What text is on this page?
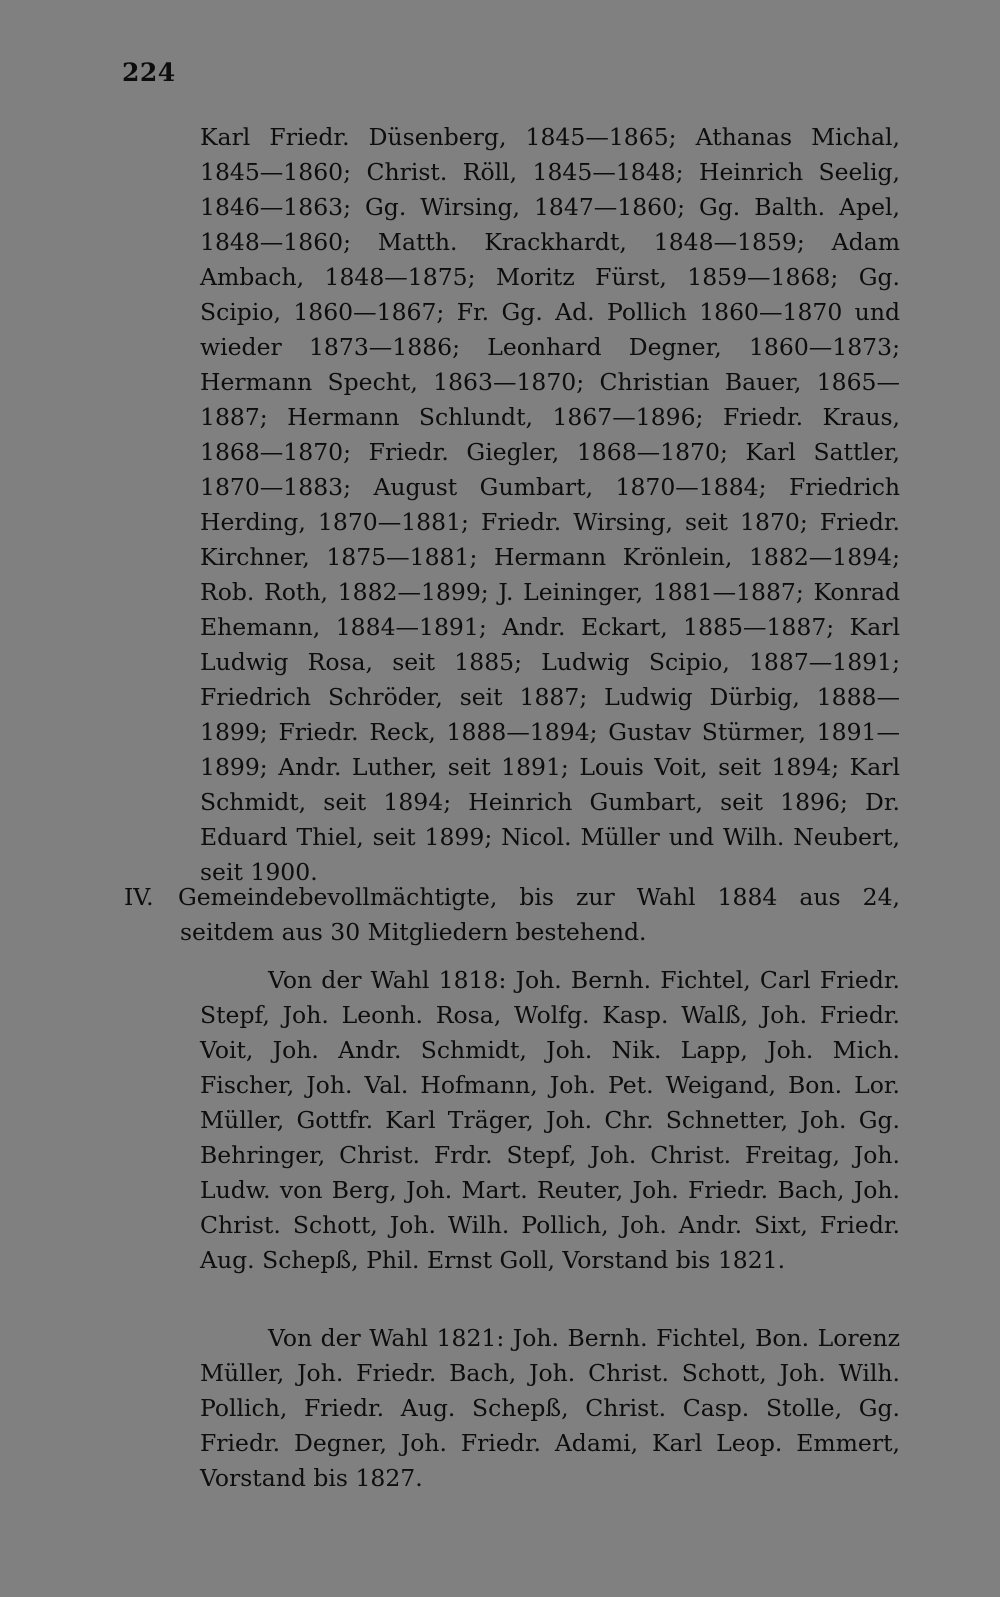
224

Karl Friedr. Düsenberg, 1845—1865; Athanas Michal, 1845—1860; Christ. Röll, 1845—1848; Heinrich Seelig, 1846—1863; Gg. Wirsing, 1847—1860; Gg. Balth. Apel, 1848—1860; Matth. Krackhardt, 1848—1859; Adam Ambach, 1848—1875; Moritz Fürst, 1859—1868; Gg. Scipio, 1860—1867; Fr. Gg. Ad. Pollich 1860—1870 und wieder 1873—1886; Leonhard Degner, 1860—1873; Hermann Specht, 1863—1870; Christian Bauer, 1865—1887; Hermann Schlundt, 1867—1896; Friedr. Kraus, 1868—1870; Friedr. Giegler, 1868—1870; Karl Sattler, 1870—1883; August Gumbart, 1870—1884; Friedrich Herding, 1870—1881; Friedr. Wirsing, seit 1870; Friedr. Kirchner, 1875—1881; Hermann Krönlein, 1882—1894; Rob. Roth, 1882—1899; J. Leininger, 1881—1887; Konrad Ehemann, 1884—1891; Andr. Eckart, 1885—1887; Karl Ludwig Rosa, seit 1885; Ludwig Scipio, 1887—1891; Friedrich Schröder, seit 1887; Ludwig Dürbig, 1888—1899; Friedr. Reck, 1888—1894; Gustav Stürmer, 1891—1899; Andr. Luther, seit 1891; Louis Voit, seit 1894; Karl Schmidt, seit 1894; Heinrich Gumbart, seit 1896; Dr. Eduard Thiel, seit 1899; Nicol. Müller und Wilh. Neubert, seit 1900.

IV. Gemeindebevollmächtigte, bis zur Wahl 1884 aus 24, seitdem aus 30 Mitgliedern bestehend.

Von der Wahl 1818: Joh. Bernh. Fichtel, Carl Friedr. Stepf, Joh. Leonh. Rosa, Wolfg. Kasp. Walß, Joh. Friedr. Voit, Joh. Andr. Schmidt, Joh. Nik. Lapp, Joh. Mich. Fischer, Joh. Val. Hofmann, Joh. Pet. Weigand, Bon. Lor. Müller, Gottfr. Karl Träger, Joh. Chr. Schnetter, Joh. Gg. Behringer, Christ. Frdr. Stepf, Joh. Christ. Freitag, Joh. Ludw. von Berg, Joh. Mart. Reuter, Joh. Friedr. Bach, Joh. Christ. Schott, Joh. Wilh. Pollich, Joh. Andr. Sixt, Friedr. Aug. Schepß, Phil. Ernst Goll, Vorstand bis 1821.

Von der Wahl 1821: Joh. Bernh. Fichtel, Bon. Lorenz Müller, Joh. Friedr. Bach, Joh. Christ. Schott, Joh. Wilh. Pollich, Friedr. Aug. Schepß, Christ. Casp. Stolle, Gg. Friedr. Degner, Joh. Friedr. Adami, Karl Leop. Emmert, Vorstand bis 1827.
